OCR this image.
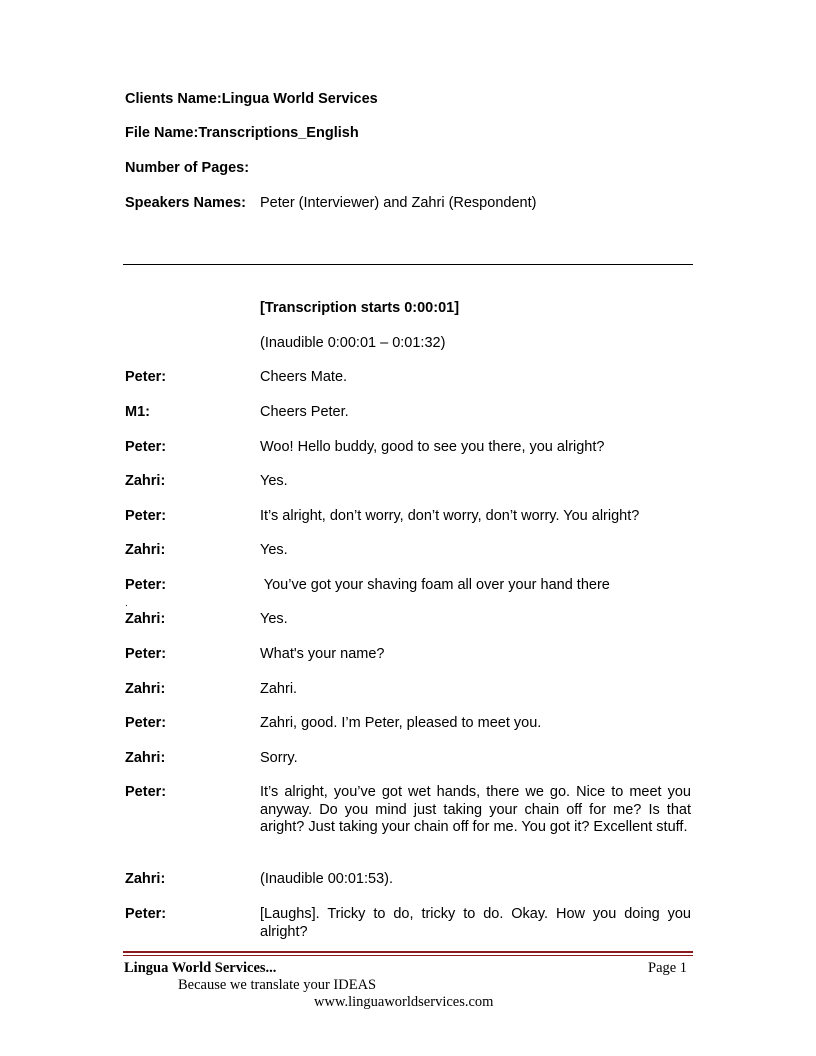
Clients Name:Lingua World Services
File Name:Transcriptions_English
Number of Pages:
Speakers Names: Peter (Interviewer) and Zahri (Respondent)
[Transcription starts 0:00:01]
(Inaudible 0:00:01 – 0:01:32)
Peter:	Cheers Mate.
M1:	Cheers Peter.
Peter:	Woo! Hello buddy, good to see you there, you alright?
Zahri:	Yes.
Peter:	It’s alright, don’t worry, don’t worry, don’t worry. You alright?
Zahri:	Yes.
Peter:	You’ve got your shaving foam all over your hand there
.
Zahri:	Yes.
Peter:	What's your name?
Zahri:	Zahri.
Peter:	Zahri, good. I’m Peter, pleased to meet you.
Zahri:	Sorry.
Peter:	It’s alright, you’ve got wet hands, there we go. Nice to meet you anyway. Do you mind just taking your chain off for me? Is that aright? Just taking your chain off for me. You got it? Excellent stuff.
Zahri:	(Inaudible 00:01:53).
Peter:	[Laughs]. Tricky to do, tricky to do. Okay. How you doing you alright?
Lingua World Services...	Page 1
Because we translate your IDEAS
www.linguaworldservices.com
